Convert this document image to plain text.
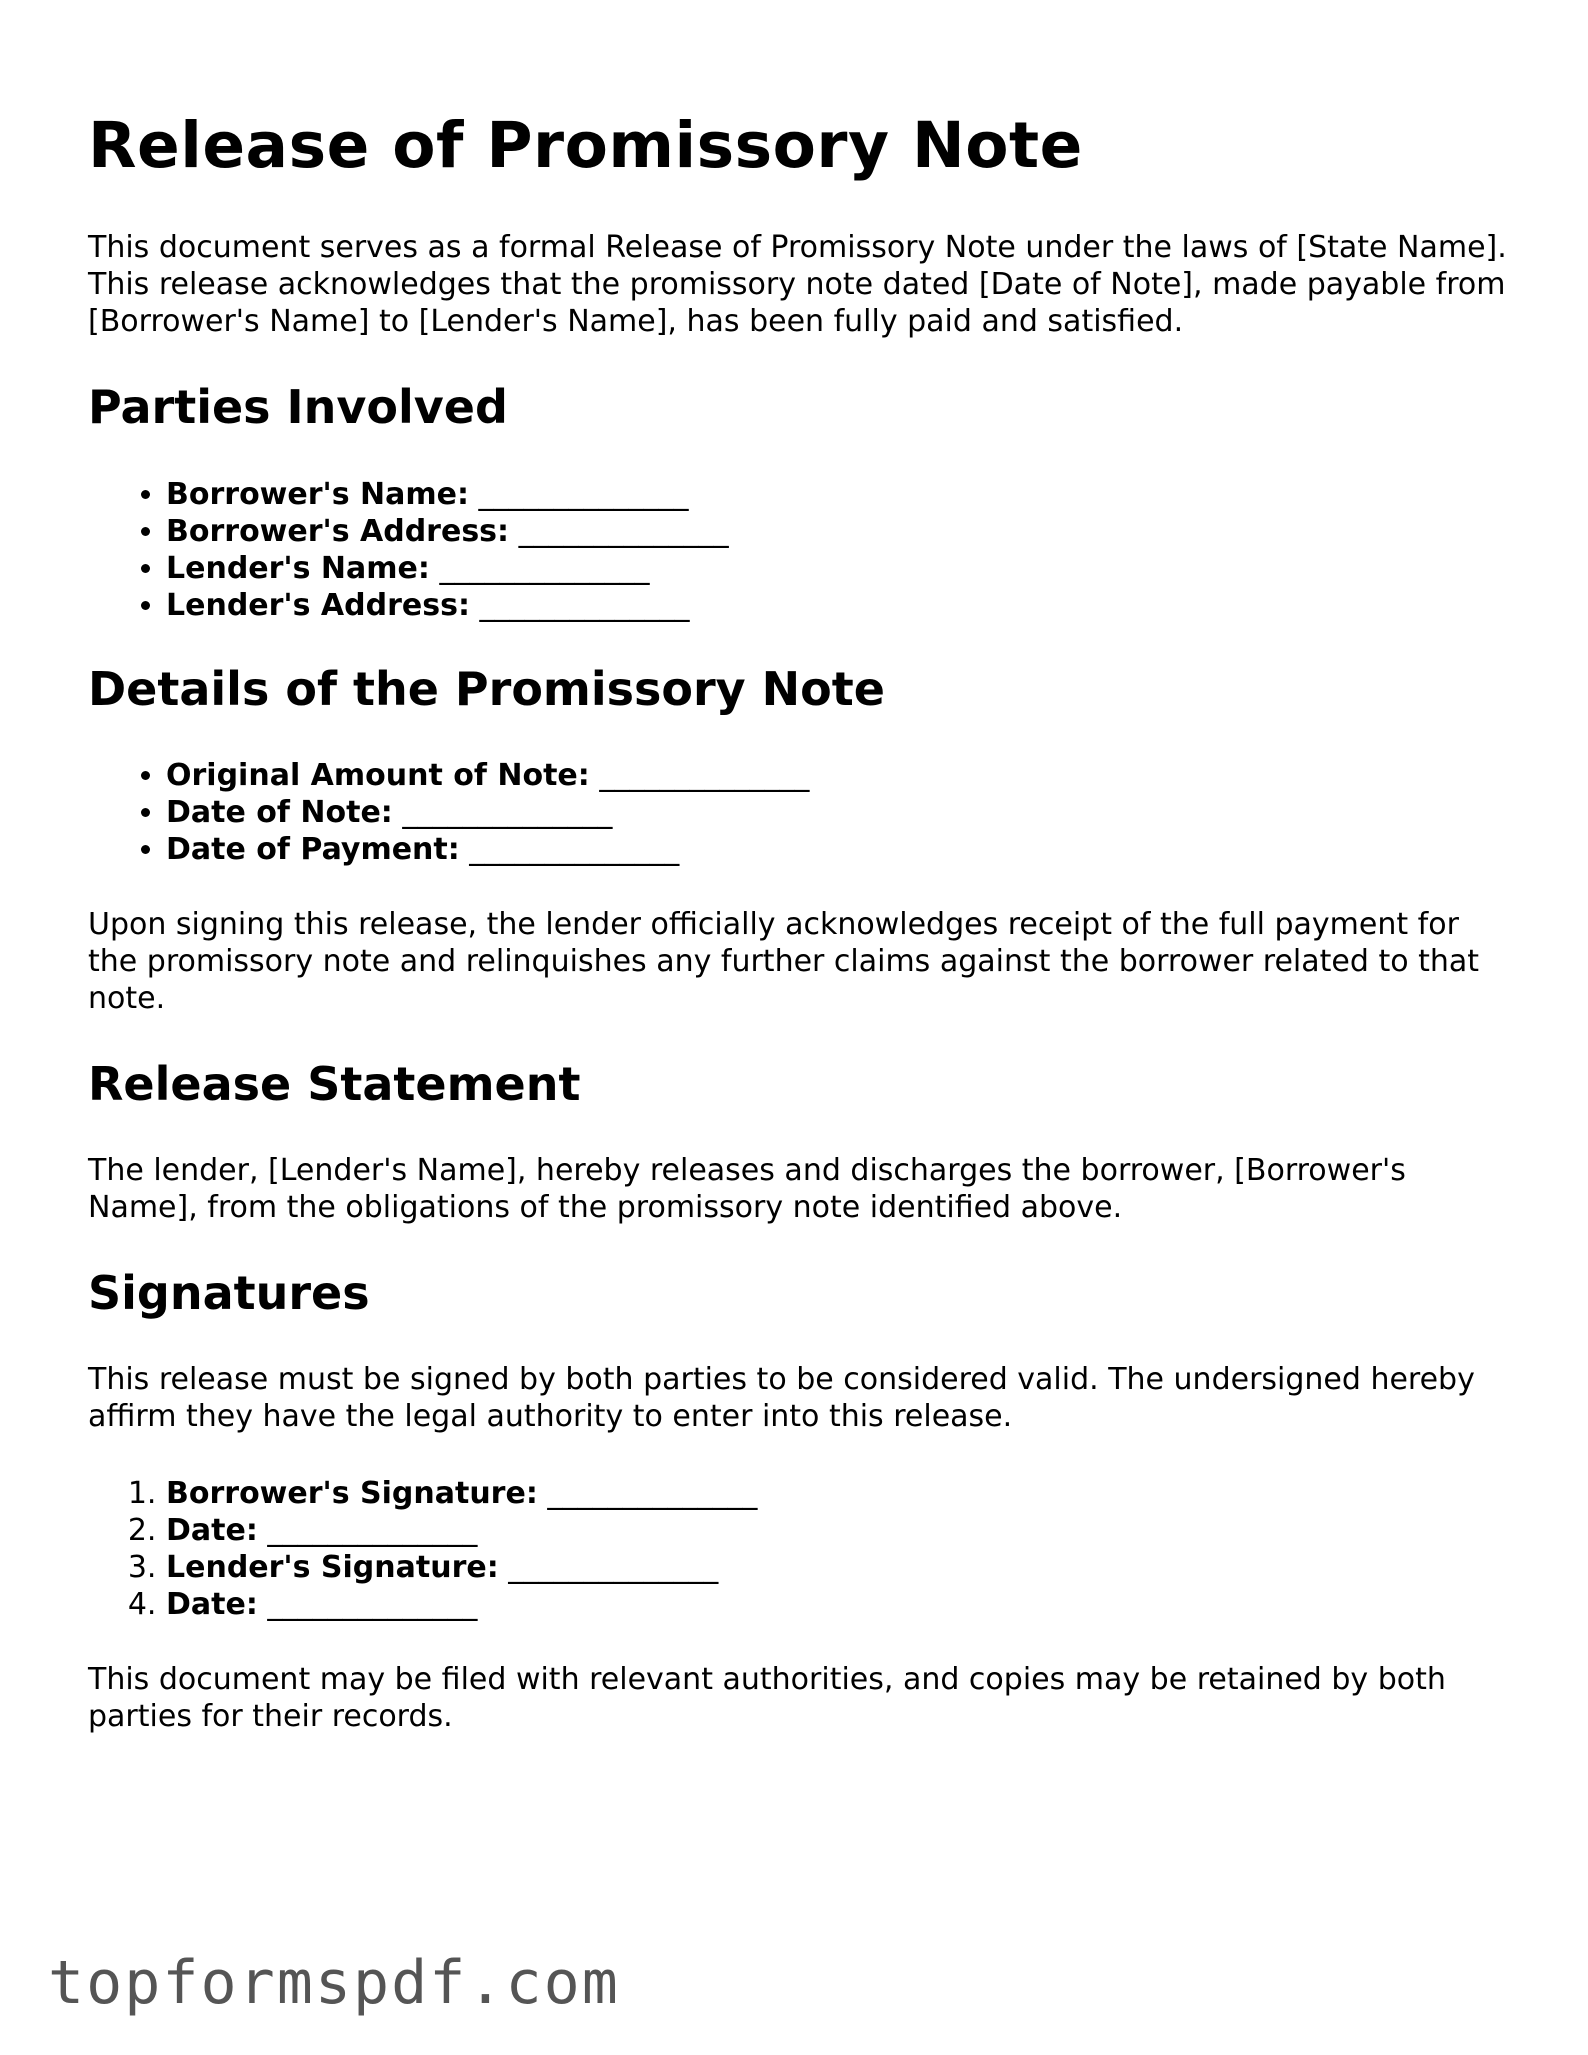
Release of Promissory Note

This document serves as a formal Release of Promissory Note under the laws of [State Name]. This release acknowledges that the promissory note dated [Date of Note], made payable from [Borrower's Name] to [Lender's Name], has been fully paid and satisfied.

Parties Involved
• Borrower's Name: ______________
• Borrower's Address: ______________
• Lender's Name: ______________
• Lender's Address: ______________
Details of the Promissory Note
• Original Amount of Note: ______________
• Date of Note: ______________
• Date of Payment: ______________

Upon signing this release, the lender officially acknowledges receipt of the full payment for the promissory note and relinquishes any further claims against the borrower related to that note.

Release Statement

The lender, [Lender's Name], hereby releases and discharges the borrower, [Borrower's Name], from the obligations of the promissory note identified above.

Signatures

This release must be signed by both parties to be considered valid. The undersigned hereby affirm they have the legal authority to enter into this release.

1. Borrower's Signature: ______________
2. Date: ______________
3. Lender's Signature: ______________
4. Date: ______________

This document may be filed with relevant authorities, and copies may be retained by both parties for their records.

topformspdf.com
